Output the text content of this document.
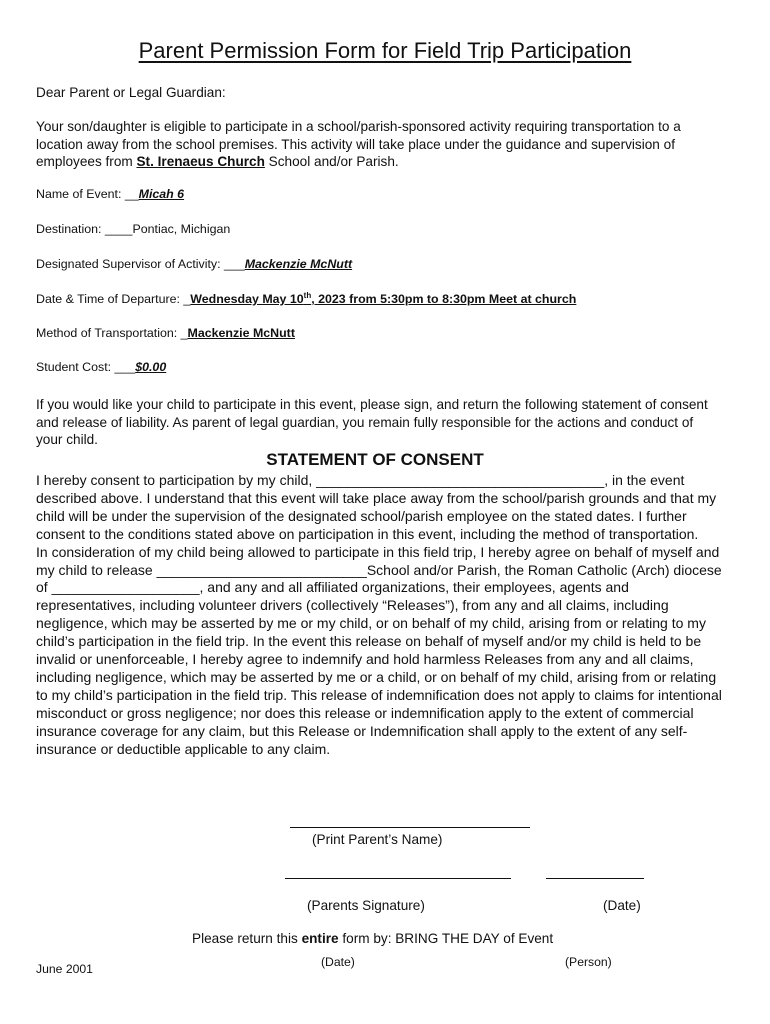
Parent Permission Form for Field Trip Participation
Dear Parent or Legal Guardian:
Your son/daughter is eligible to participate in a school/parish-sponsored activity requiring transportation to a location away from the school premises. This activity will take place under the guidance and supervision of employees from St. Irenaeus Church School and/or Parish.
Name of Event: __Micah 6
Destination: ____Pontiac, Michigan
Designated Supervisor of Activity: ___Mackenzie McNutt
Date & Time of Departure: _Wednesday May 10th, 2023 from 5:30pm to 8:30pm Meet at church
Method of Transportation: _Mackenzie McNutt
Student Cost: ___$0.00
If you would like your child to participate in this event, please sign, and return the following statement of consent and release of liability. As parent of legal guardian, you remain fully responsible for the actions and conduct of your child.
STATEMENT OF CONSENT

I hereby consent to participation by my child, _____________________________________, in the event described above. I understand that this event will take place away from the school/parish grounds and that my child will be under the supervision of the designated school/parish employee on the stated dates. I further consent to the conditions stated above on participation in this event, including the method of transportation.

In consideration of my child being allowed to participate in this field trip, I hereby agree on behalf of myself and my child to release ___________________________School and/or Parish, the Roman Catholic (Arch) diocese of ___________________, and any and all affiliated organizations, their employees, agents and representatives, including volunteer drivers (collectively “Releases”), from any and all claims, including negligence, which may be asserted by me or my child, or on behalf of my child, arising from or relating to my child’s participation in the field trip. In the event this release on behalf of myself and/or my child is held to be invalid or unenforceable, I hereby agree to indemnify and hold harmless Releases from any and all claims, including negligence, which may be asserted by me or a child, or on behalf of my child, arising from or relating to my child’s participation in the field trip. This release of indemnification does not apply to claims for intentional misconduct or gross negligence; nor does this release or indemnification apply to the extent of commercial insurance coverage for any claim, but this Release or Indemnification shall apply to the extent of any self-insurance or deductible applicable to any claim.

(Print Parent’s Name)
(Parents Signature)	(Date)
Please return this entire form by: BRING THE DAY of Event
(Date)	(Person)
June 2001
